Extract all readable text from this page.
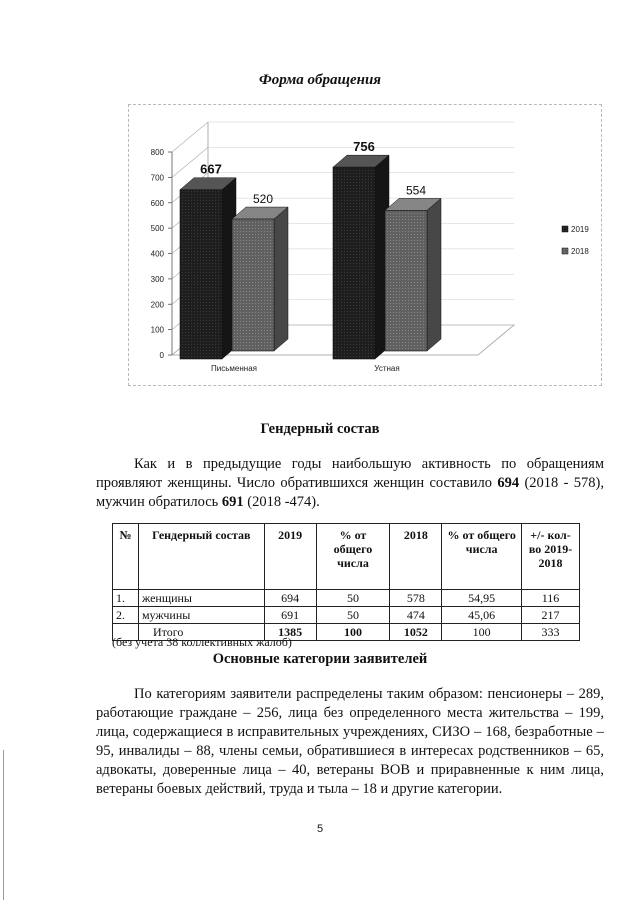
Форма обращения
0
100
200
300
400
500
600
700
800
667
520
Письменная
756
554
Устная
2019
2018
Гендерный состав

Как и в предыдущие годы наибольшую активность по обращениям проявляют женщины. Число обратившихся женщин составило 694 (2018 - 578), мужчин обратилось 691 (2018 -474).

№	Гендерный состав	2019	% от общего числа	2018	% от общего числа	+/- кол-во 2019-2018
1.	женщины	694	50	578	54,95	116
2.	мужчины	691	50	474	45,06	217
	Итого	1385	100	1052	100	333
(без учета 38 коллективных жалоб)
Основные категории заявителей

По категориям заявители распределены таким образом: пенсионеры – 289, работающие граждане – 256, лица без определенного места жительства – 199, лица, содержащиеся в исправительных учреждениях, СИЗО – 168, безработные – 95, инвалиды – 88, члены семьи, обратившиеся в интересах родственников – 65, адвокаты, доверенные лица – 40, ветераны ВОВ и приравненные к ним лица, ветераны боевых действий, труда и тыла – 18 и другие категории.

5
